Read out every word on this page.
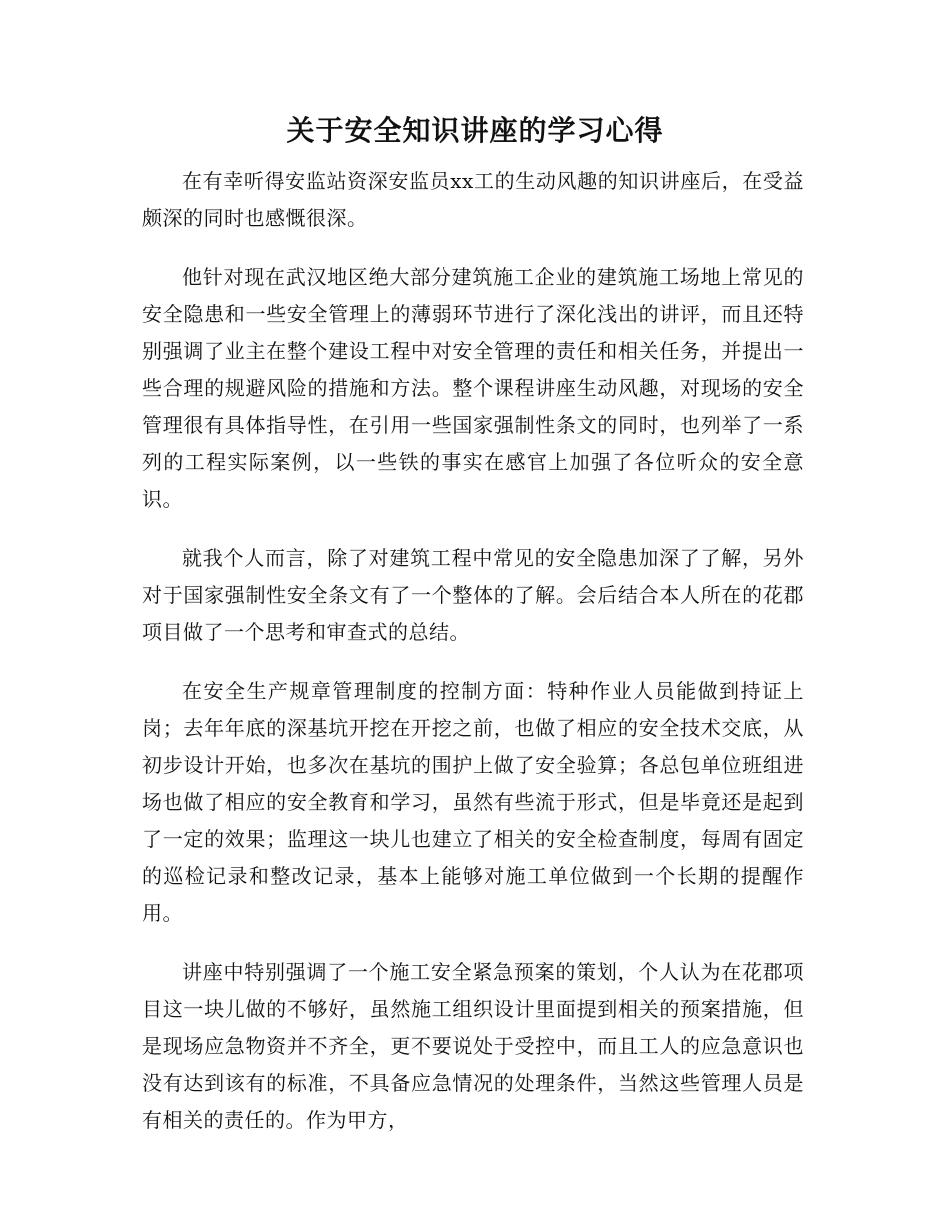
关于安全知识讲座的学习心得

在有幸听得安监站资深安监员xx工的生动风趣的知识讲座后，在受益颇深的同时也感慨很深。

他针对现在武汉地区绝大部分建筑施工企业的建筑施工场地上常见的安全隐患和一些安全管理上的薄弱环节进行了深化浅出的讲评，而且还特别强调了业主在整个建设工程中对安全管理的责任和相关任务，并提出一些合理的规避风险的措施和方法。整个课程讲座生动风趣，对现场的安全管理很有具体指导性，在引用一些国家强制性条文的同时，也列举了一系列的工程实际案例，以一些铁的事实在感官上加强了各位听众的安全意识。

就我个人而言，除了对建筑工程中常见的安全隐患加深了了解，另外对于国家强制性安全条文有了一个整体的了解。会后结合本人所在的花郡项目做了一个思考和审查式的总结。

在安全生产规章管理制度的控制方面：特种作业人员能做到持证上岗；去年年底的深基坑开挖在开挖之前，也做了相应的安全技术交底，从初步设计开始，也多次在基坑的围护上做了安全验算；各总包单位班组进场也做了相应的安全教育和学习，虽然有些流于形式，但是毕竟还是起到了一定的效果；监理这一块儿也建立了相关的安全检查制度，每周有固定的巡检记录和整改记录，基本上能够对施工单位做到一个长期的提醒作用。

讲座中特别强调了一个施工安全紧急预案的策划，个人认为在花郡项目这一块儿做的不够好，虽然施工组织设计里面提到相关的预案措施，但是现场应急物资并不齐全，更不要说处于受控中，而且工人的应急意识也没有达到该有的标准，不具备应急情况的处理条件，当然这些管理人员是有相关的责任的。作为甲方，
